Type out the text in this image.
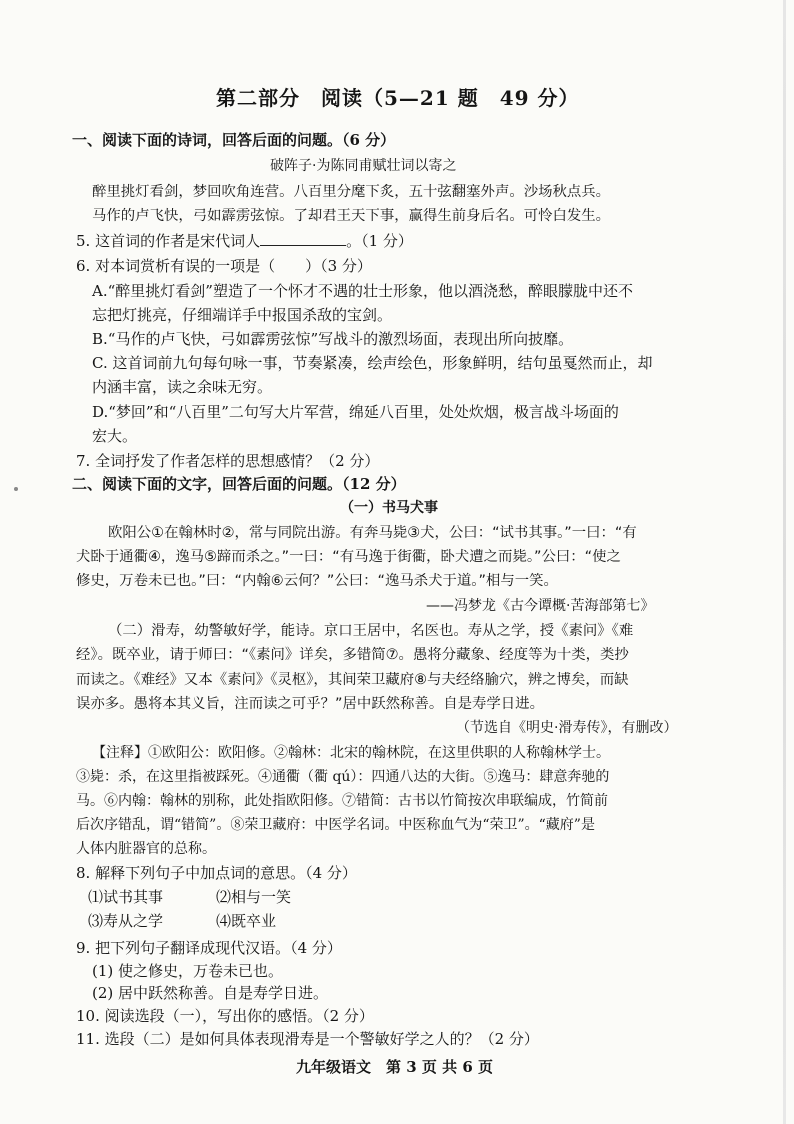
第二部分　阅读（5—21 题　49 分）
一、阅读下面的诗词，回答后面的问题。（6 分）
破阵子·为陈同甫赋壮词以寄之
醉里挑灯看剑，梦回吹角连营。八百里分麾下炙，五十弦翻塞外声。沙场秋点兵。
马作的卢飞快，弓如霹雳弦惊。了却君王天下事，赢得生前身后名。可怜白发生。
5. 这首词的作者是宋代词人	。（1 分）
6. 对本词赏析有误的一项是（　　）（3 分）
A.“醉里挑灯看剑”塑造了一个怀才不遇的壮士形象，他以酒浇愁，醉眼朦胧中还不
忘把灯挑亮，仔细端详手中报国杀敌的宝剑。
B.“马作的卢飞快，弓如霹雳弦惊”写战斗的激烈场面，表现出所向披靡。
C. 这首词前九句每句咏一事，节奏紧凑，绘声绘色，形象鲜明，结句虽戛然而止，却
内涵丰富，读之余味无穷。
D.“梦回”和“八百里”二句写大片军营，绵延八百里，处处炊烟，极言战斗场面的
宏大。
7. 全词抒发了作者怎样的思想感情？（2 分）
二、阅读下面的文字，回答后面的问题。（12 分）
（一）书马犬事
欧阳公①在翰林时②，常与同院出游。有奔马毙③犬，公曰：“试书其事。”一曰：“有
犬卧于通衢④，逸马⑤蹄而杀之。”一曰：“有马逸于街衢，卧犬遭之而毙。”公曰：“使之
修史，万卷未已也。”曰：“内翰⑥云何？”公曰：“逸马杀犬于道。”相与一笑。
——冯梦龙《古今谭概·苦海部第七》
（二）滑寿，幼警敏好学，能诗。京口王居中，名医也。寿从之学，授《素问》《难
经》。既卒业，请于师曰：“《素问》详矣，多错简⑦。愚将分藏象、经度等为十类，类抄
而读之。《难经》又本《素问》《灵枢》，其间荣卫藏府⑧与夫经络腧穴，辨之博矣，而缺
误亦多。愚将本其义旨，注而读之可乎？”居中跃然称善。自是寿学日进。
（节选自《明史·滑寿传》，有删改）
【注释】①欧阳公：欧阳修。②翰林：北宋的翰林院，在这里供职的人称翰林学士。
③毙：杀，在这里指被踩死。④通衢（衢 qú）：四通八达的大街。⑤逸马：肆意奔驰的
马。⑥内翰：翰林的别称，此处指欧阳修。⑦错简：古书以竹简按次串联编成，竹简前
后次序错乱，谓“错简”。⑧荣卫藏府：中医学名词。中医称血气为“荣卫”。“藏府”是
人体内脏器官的总称。
8. 解释下列句子中加点词的意思。（4 分）
⑴试书其事	⑵相与一笑
⑶寿从之学	⑷既卒业
9. 把下列句子翻译成现代汉语。（4 分）
(1) 使之修史，万卷未已也。
(2) 居中跃然称善。自是寿学日进。
10. 阅读选段（一），写出你的感悟。（2 分）
11. 选段（二）是如何具体表现滑寿是一个警敏好学之人的？（2 分）
九年级语文　第 3 页 共 6 页
